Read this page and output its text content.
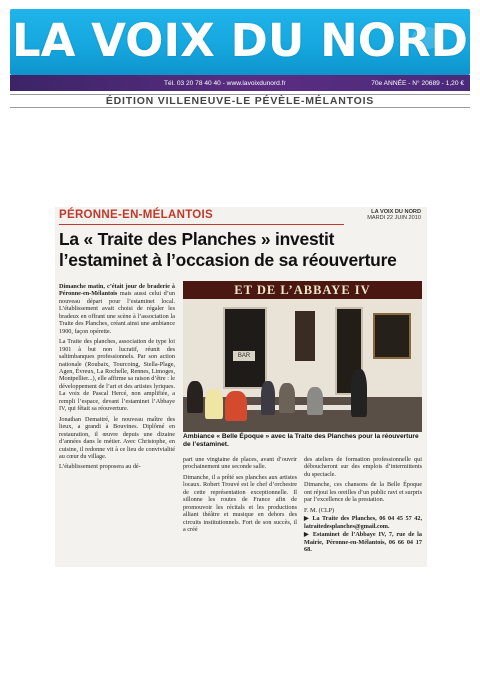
LA VOIX DU NORD
Tél. 03 20 78 40 40 - www.lavoixdunord.fr	70e ANNÉE - N° 20689 - 1,20 €
ÉDITION VILLENEUVE-LE PÉVÈLE-MÉLANTOIS
PÉRONNE-EN-MÉLANTOIS	LA VOIX DU NORD
MARDI 22 JUIN 2010
La « Traite des Planches » investit l’estaminet à l’occasion de sa réouverture

Dimanche matin, c’était jour de braderie à Péronne-en-Mélantois mais aussi celui d’un nouveau départ pour l’estaminet local. L’établissement avait choisi de régaler les bradeux en offrant une scène à l’association la Traite des Planches, créant ainsi une ambiance 1900, façon opérette.

La Traite des planches, association de type loi 1901 à but non lucratif, réunit des saltimbanques professionnels. Par son action nationale (Roubaix, Tourcoing, Stella-Plage, Agen, Évreux, La Rochelle, Rennes, Limoges, Montpellier...), elle affirme sa raison d’être : le développement de l’art et des artistes lyriques. La voix de Pascal Hercé, non amplifiée, a rempli l’espace, devant l’estaminet l’Abbaye IV, qui fêtait sa réouverture.

Jonathan Demaitré, le nouveau maître des lieux, a grandi à Bouvines. Diplômé en restauration, il œuvre depuis une dizaine d’années dans le métier. Avec Christophe, en cuisine, il redonne vit à ce lieu de convivialité au cœur du village.

L’établissement proposera au dé-

ET DE L’ABBAYE IV
BAR
Ambiance « Belle Époque » avec la Traite des Planches pour la réouverture de l’estaminet.

part une vingtaine de places, avant d’ouvrir prochainement une seconde salle.

Dimanche, il a prêté ses planches aux artistes locaux. Robert Trouvé est le chef d’orchestre de cette représentation exceptionnelle. Il sillonne les routes de France afin de promouvoir les récitals et les productions alliant théâtre et musique en dehors des circuits institutionnels. Fort de son succès, il a créé

des ateliers de formation professionnelle qui déboucheront sur des emplois d’intermittents du spectacle.

Dimanche, ces chansons de la Belle Époque ont réjoui les oreilles d’un public ravi et surpris par l’excellence de la prestation.

F. M. (CLP)

▶ La Traite des Planches, 06 04 45 57 42, latraitedesplanches@gmail.com.

▶ Estaminet de l’Abbaye IV, 7, rue de la Mairie, Péronne-en-Mélantois, 06 66 04 17 68.
